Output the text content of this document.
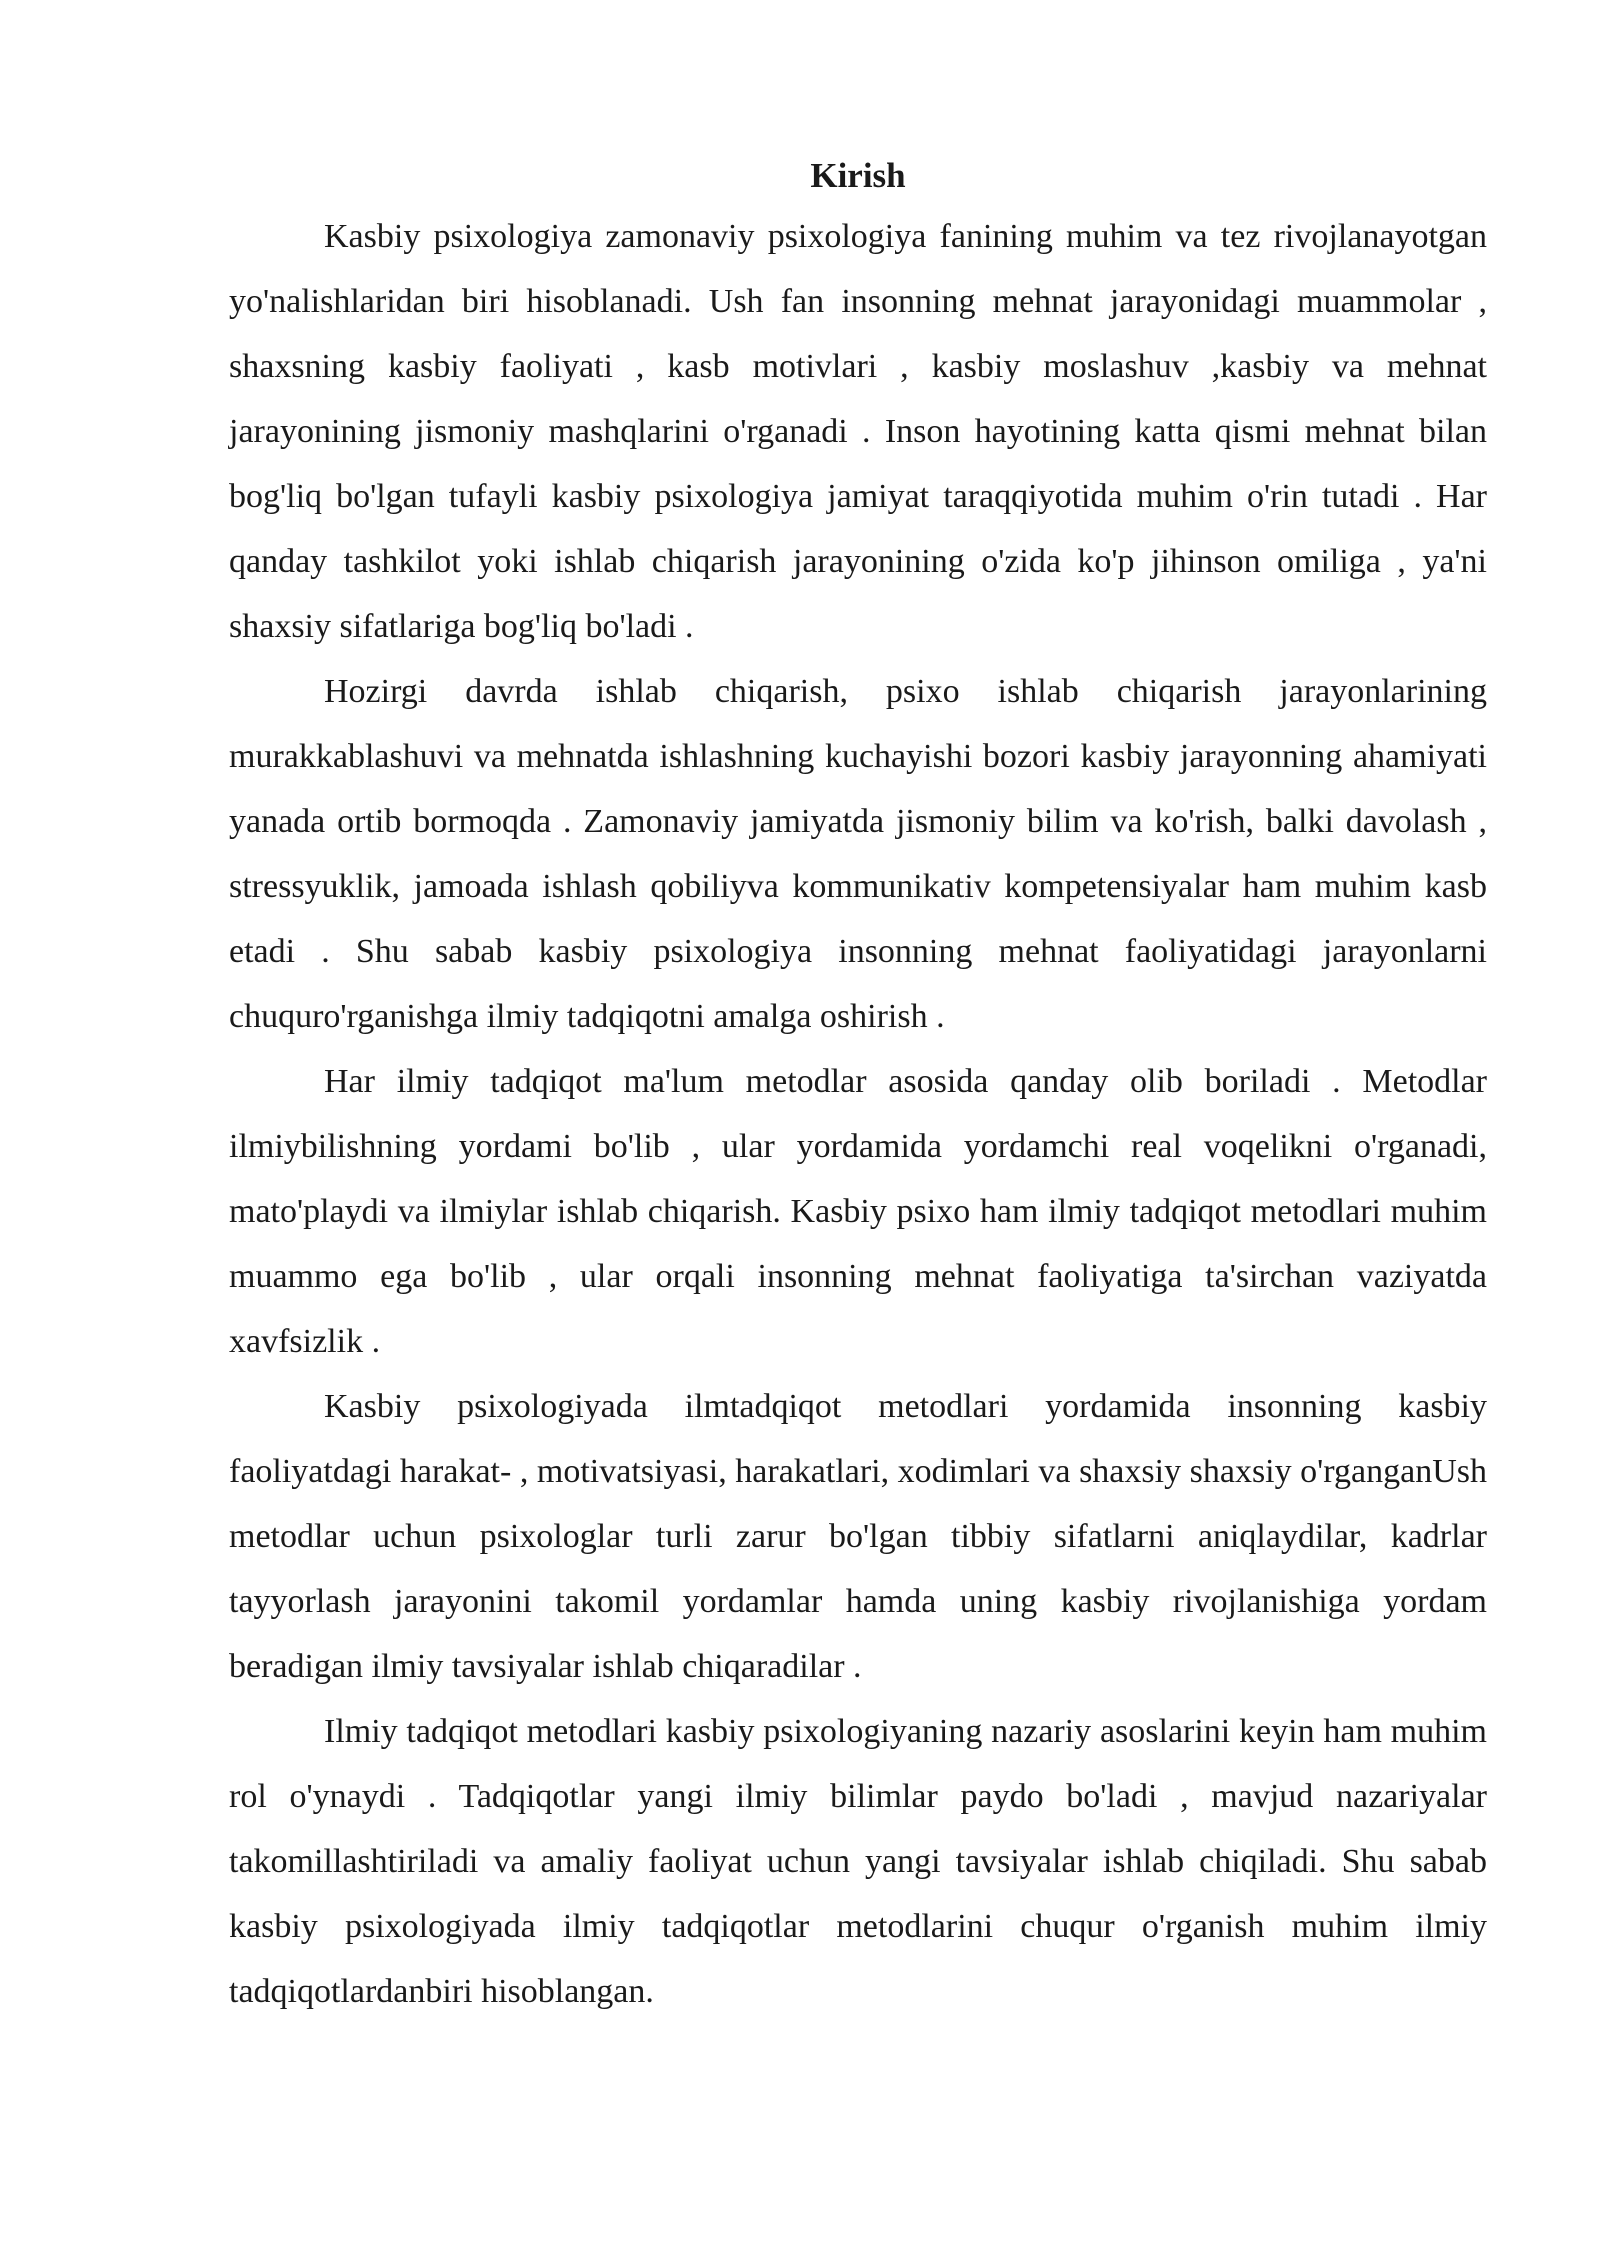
Kirish

Kasbiy psixologiya zamonaviy psixologiya fanining muhim va tez rivojlanayotgan yo'nalishlaridan biri hisoblanadi. Ush fan insonning mehnat jarayonidagi muammolar , shaxsning kasbiy faoliyati , kasb motivlari , kasbiy moslashuv ,kasbiy va mehnat jarayonining jismoniy mashqlarini o'rganadi . Inson hayotining katta qismi mehnat bilan bog'liq bo'lgan tufayli kasbiy psixologiya jamiyat taraqqiyotida muhim o'rin tutadi . Har qanday tashkilot yoki ishlab chiqarish jarayonining o'zida ko'p jihinson omiliga , ya'ni shaxsiy sifatlariga bog'liq bo'ladi .

Hozirgi davrda ishlab chiqarish, psixo ishlab chiqarish jarayonlarining murakkablashuvi va mehnatda ishlashning kuchayishi bozori kasbiy jarayonning ahamiyati yanada ortib bormoqda . Zamonaviy jamiyatda jismoniy bilim va ko'rish, balki davolash , stressyuklik, jamoada ishlash qobiliyva kommunikativ kompetensiyalar ham muhim kasb etadi . Shu sabab kasbiy psixologiya insonning mehnat faoliyatidagi jarayonlarni chuquro'rganishga ilmiy tadqiqotni amalga oshirish .

Har ilmiy tadqiqot ma'lum metodlar asosida qanday olib boriladi . Metodlar ilmiybilishning yordami bo'lib , ular yordamida yordamchi real voqelikni o'rganadi, mato'playdi va ilmiylar ishlab chiqarish. Kasbiy psixo ham ilmiy tadqiqot metodlari muhim muammo ega bo'lib , ular orqali insonning mehnat faoliyatiga ta'sirchan vaziyatda xavfsizlik .

Kasbiy psixologiyada ilmtadqiqot metodlari yordamida insonning kasbiy faoliyatdagi harakat- , motivatsiyasi, harakatlari, xodimlari va shaxsiy shaxsiy o'rganganUsh metodlar uchun psixologlar turli zarur bo'lgan tibbiy sifatlarni aniqlaydilar, kadrlar tayyorlash jarayonini takomil yordamlar hamda uning kasbiy rivojlanishiga yordam beradigan ilmiy tavsiyalar ishlab chiqaradilar .

Ilmiy tadqiqot metodlari kasbiy psixologiyaning nazariy asoslarini keyin ham muhim rol o'ynaydi . Tadqiqotlar yangi ilmiy bilimlar paydo bo'ladi , mavjud nazariyalar takomillashtiriladi va amaliy faoliyat uchun yangi tavsiyalar ishlab chiqiladi. Shu sabab kasbiy psixologiyada ilmiy tadqiqotlar metodlarini chuqur o'rganish muhim ilmiy tadqiqotlardanbiri hisoblangan.
